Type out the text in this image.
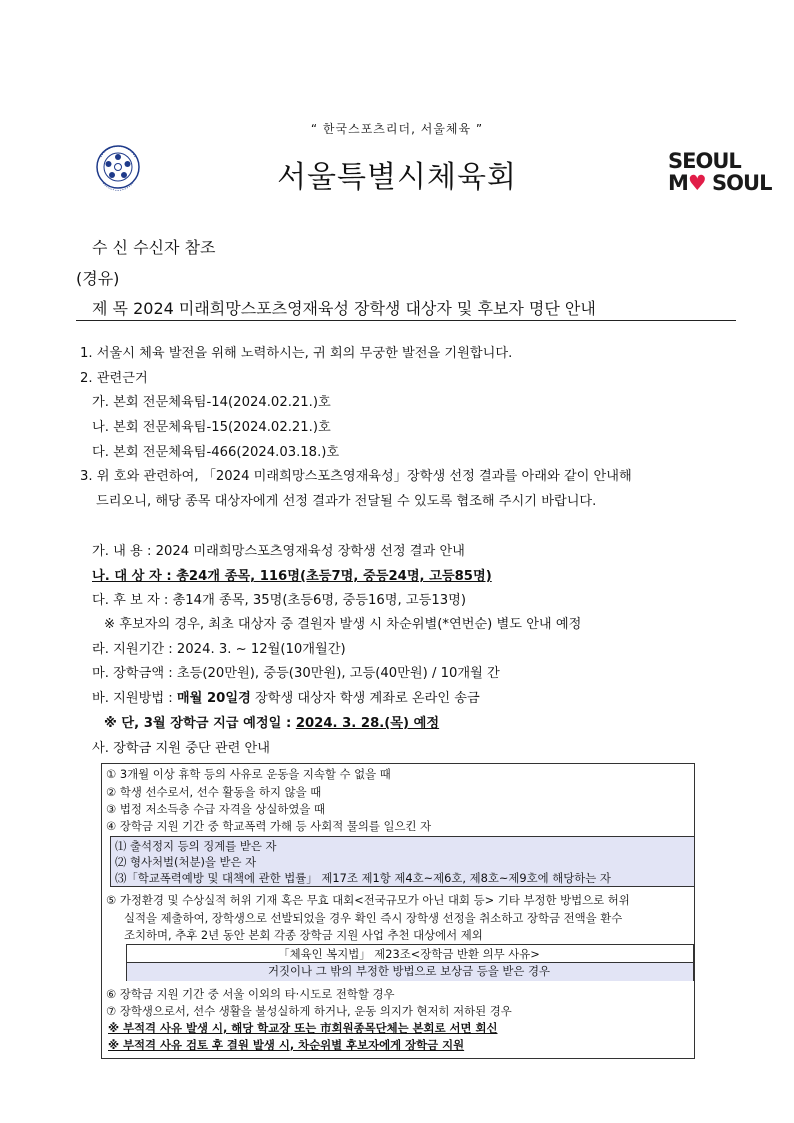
“ 한국스포츠리더, 서울체육 ”
서울특별시체육회	SEOUL
M♥ SOUL
수 신 수신자 참조
(경유)
제 목 2024 미래희망스포츠영재육성 장학생 대상자 및 후보자 명단 안내
1. 서울시 체육 발전을 위해 노력하시는, 귀 회의 무궁한 발전을 기원합니다.
2. 관련근거
가. 본회 전문체육팀-14(2024.02.21.)호
나. 본회 전문체육팀-15(2024.02.21.)호
다. 본회 전문체육팀-466(2024.03.18.)호
3. 위 호와 관련하여, 「2024 미래희망스포츠영재육성」장학생 선정 결과를 아래와 같이 안내해
드리오니, 해당 종목 대상자에게 선정 결과가 전달될 수 있도록 협조해 주시기 바랍니다.
가. 내 용 : 2024 미래희망스포츠영재육성 장학생 선정 결과 안내
나. 대 상 자 : 총24개 종목, 116명(초등7명, 중등24명, 고등85명)
다. 후 보 자 : 총14개 종목, 35명(초등6명, 중등16명, 고등13명)
※ 후보자의 경우, 최초 대상자 중 결원자 발생 시 차순위별(*연번순) 별도 안내 예정
라. 지원기간 : 2024. 3. ~ 12월(10개월간)
마. 장학금액 : 초등(20만원), 중등(30만원), 고등(40만원) / 10개월 간
바. 지원방법 : 매월 20일경 장학생 대상자 학생 계좌로 온라인 송금
※ 단, 3월 장학금 지급 예정일 : 2024. 3. 28.(목) 예정
사. 장학금 지원 중단 관련 안내
① 3개월 이상 휴학 등의 사유로 운동을 지속할 수 없을 때
② 학생 선수로서, 선수 활동을 하지 않을 때
③ 법정 저소득층 수급 자격을 상실하였을 때
④ 장학금 지원 기간 중 학교폭력 가해 등 사회적 물의를 일으킨 자
⑴ 출석정지 등의 징계를 받은 자
⑵ 형사처벌(처분)을 받은 자
⑶「학교폭력예방 및 대책에 관한 법률」 제17조 제1항 제4호~제6호, 제8호~제9호에 해당하는 자
⑤ 가정환경 및 수상실적 허위 기재 혹은 무효 대회<전국규모가 아닌 대회 등> 기타 부정한 방법으로 허위
실적을 제출하여, 장학생으로 선발되었을 경우 확인 즉시 장학생 선정을 취소하고 장학금 전액을 환수
조치하며, 추후 2년 동안 본회 각종 장학금 지원 사업 추천 대상에서 제외
「체육인 복지법」 제23조<장학금 반환 의무 사유>
거짓이나 그 밖의 부정한 방법으로 보상금 등을 받은 경우
⑥ 장학금 지원 기간 중 서울 이외의 타·시도로 전학할 경우
⑦ 장학생으로서, 선수 생활을 불성실하게 하거나, 운동 의지가 현저히 저하된 경우
※ 부적격 사유 발생 시, 해당 학교장 또는 市회원종목단체는 본회로 서면 회신
※ 부적격 사유 검토 후 결원 발생 시, 차순위별 후보자에게 장학금 지원
